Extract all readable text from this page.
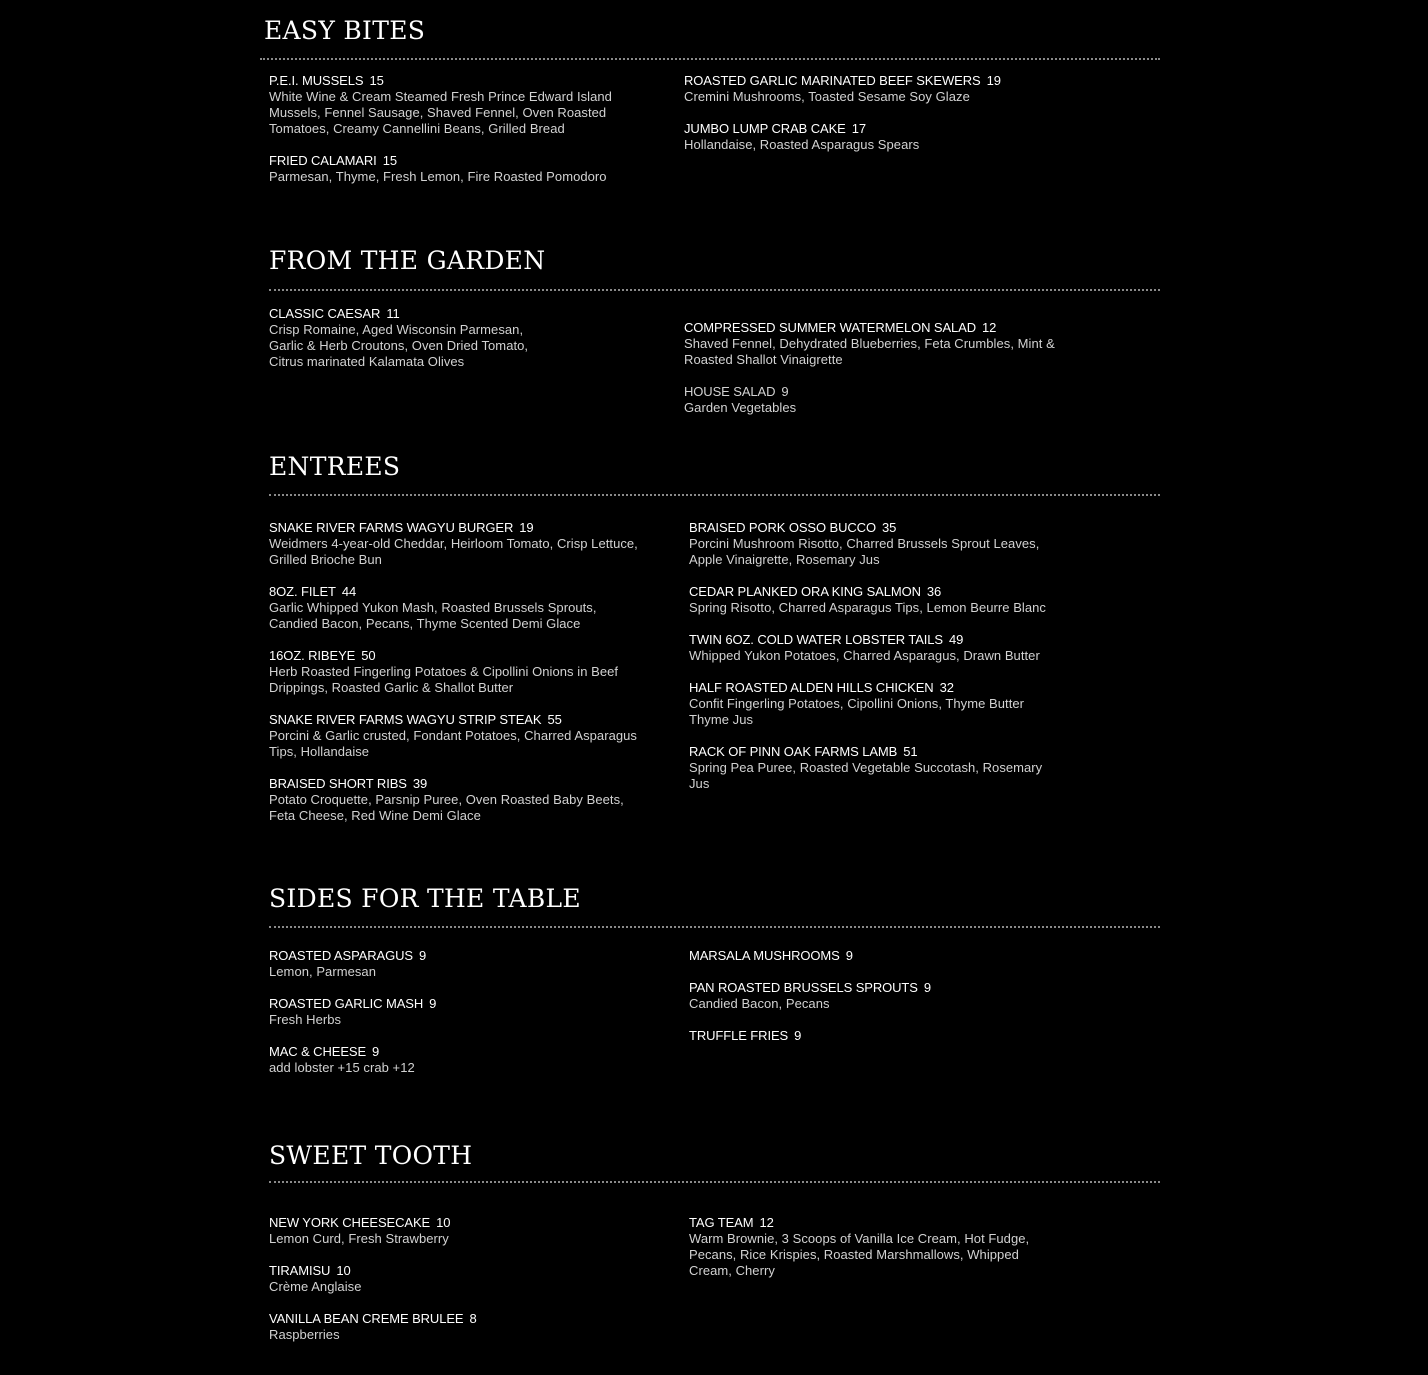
EASY BITES
P.E.I. MUSSELS 15
White Wine & Cream Steamed Fresh Prince Edward Island
Mussels, Fennel Sausage, Shaved Fennel, Oven Roasted
Tomatoes, Creamy Cannellini Beans, Grilled Bread
FRIED CALAMARI 15
Parmesan, Thyme, Fresh Lemon, Fire Roasted Pomodoro
ROASTED GARLIC MARINATED BEEF SKEWERS 19
Cremini Mushrooms, Toasted Sesame Soy Glaze
JUMBO LUMP CRAB CAKE 17
Hollandaise, Roasted Asparagus Spears
FROM THE GARDEN
CLASSIC CAESAR 11
Crisp Romaine, Aged Wisconsin Parmesan,
Garlic & Herb Croutons, Oven Dried Tomato,
Citrus marinated Kalamata Olives
COMPRESSED SUMMER WATERMELON SALAD 12
Shaved Fennel, Dehydrated Blueberries, Feta Crumbles, Mint &
Roasted Shallot Vinaigrette
HOUSE SALAD 9
Garden Vegetables
ENTREES
SNAKE RIVER FARMS WAGYU BURGER 19
Weidmers 4-year-old Cheddar, Heirloom Tomato, Crisp Lettuce,
Grilled Brioche Bun
8OZ. FILET 44
Garlic Whipped Yukon Mash, Roasted Brussels Sprouts,
Candied Bacon, Pecans, Thyme Scented Demi Glace
16OZ. RIBEYE 50
Herb Roasted Fingerling Potatoes & Cipollini Onions in Beef
Drippings, Roasted Garlic & Shallot Butter
SNAKE RIVER FARMS WAGYU STRIP STEAK 55
Porcini & Garlic crusted, Fondant Potatoes, Charred Asparagus
Tips, Hollandaise
BRAISED SHORT RIBS 39
Potato Croquette, Parsnip Puree, Oven Roasted Baby Beets,
Feta Cheese, Red Wine Demi Glace
BRAISED PORK OSSO BUCCO 35
Porcini Mushroom Risotto, Charred Brussels Sprout Leaves,
Apple Vinaigrette, Rosemary Jus
CEDAR PLANKED ORA KING SALMON 36
Spring Risotto, Charred Asparagus Tips, Lemon Beurre Blanc
TWIN 6OZ. COLD WATER LOBSTER TAILS 49
Whipped Yukon Potatoes, Charred Asparagus, Drawn Butter
HALF ROASTED ALDEN HILLS CHICKEN 32
Confit Fingerling Potatoes, Cipollini Onions, Thyme Butter
Thyme Jus
RACK OF PINN OAK FARMS LAMB 51
Spring Pea Puree, Roasted Vegetable Succotash, Rosemary
Jus
SIDES FOR THE TABLE
ROASTED ASPARAGUS 9
Lemon, Parmesan
ROASTED GARLIC MASH 9
Fresh Herbs
MAC & CHEESE 9
add lobster +15 crab +12
MARSALA MUSHROOMS 9
PAN ROASTED BRUSSELS SPROUTS 9
Candied Bacon, Pecans
TRUFFLE FRIES 9
SWEET TOOTH
NEW YORK CHEESECAKE 10
Lemon Curd, Fresh Strawberry
TIRAMISU 10
Crème Anglaise
VANILLA BEAN CREME BRULEE 8
Raspberries
TAG TEAM 12
Warm Brownie, 3 Scoops of Vanilla Ice Cream, Hot Fudge,
Pecans, Rice Krispies, Roasted Marshmallows, Whipped
Cream, Cherry
